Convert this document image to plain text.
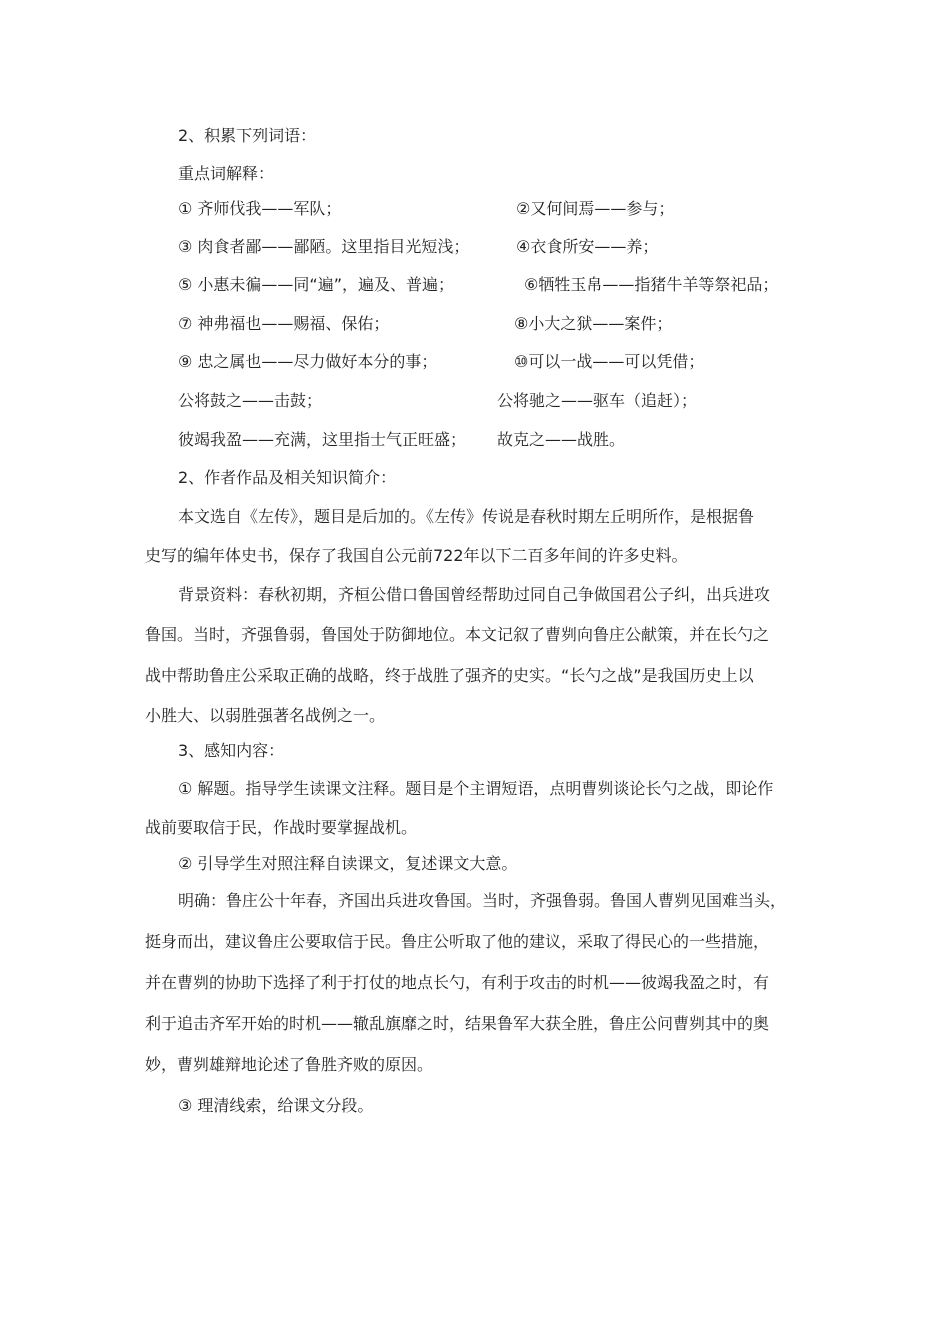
2、积累下列词语：
重点词解释：
① 齐师伐我——军队；	②又何间焉——参与；
③ 肉食者鄙——鄙陋。这里指目光短浅；	④衣食所安——养；
⑤ 小惠未徧——同“遍”，遍及、普遍；	⑥牺牲玉帛——指猪牛羊等祭祀品；
⑦ 神弗福也——赐福、保佑；	⑧小大之狱——案件；
⑨ 忠之属也——尽力做好本分的事；	⑩可以一战——可以凭借；
公将鼓之——击鼓；	公将驰之——驱车（追赶）；
彼竭我盈——充满，这里指士气正旺盛； 故克之——战胜。
2、作者作品及相关知识简介：
本文选自《左传》，题目是后加的。《左传》传说是春秋时期左丘明所作，是根据鲁
史写的编年体史书，保存了我国自公元前722年以下二百多年间的许多史料。
背景资料：春秋初期，齐桓公借口鲁国曾经帮助过同自己争做国君公子纠，出兵进攻
鲁国。当时，齐强鲁弱，鲁国处于防御地位。本文记叙了曹刿向鲁庄公献策，并在长勺之
战中帮助鲁庄公采取正确的战略，终于战胜了强齐的史实。“长勺之战”是我国历史上以
小胜大、以弱胜强著名战例之一。
3、感知内容：
① 解题。指导学生读课文注释。题目是个主谓短语，点明曹刿谈论长勺之战，即论作
战前要取信于民，作战时要掌握战机。
② 引导学生对照注释自读课文，复述课文大意。
明确：鲁庄公十年春，齐国出兵进攻鲁国。当时，齐强鲁弱。鲁国人曹刿见国难当头，
挺身而出，建议鲁庄公要取信于民。鲁庄公听取了他的建议，采取了得民心的一些措施，
并在曹刿的协助下选择了利于打仗的地点长勺，有利于攻击的时机——彼竭我盈之时，有
利于追击齐军开始的时机——辙乱旗靡之时，结果鲁军大获全胜，鲁庄公问曹刿其中的奥
妙，曹刿雄辩地论述了鲁胜齐败的原因。
③ 理清线索，给课文分段。
